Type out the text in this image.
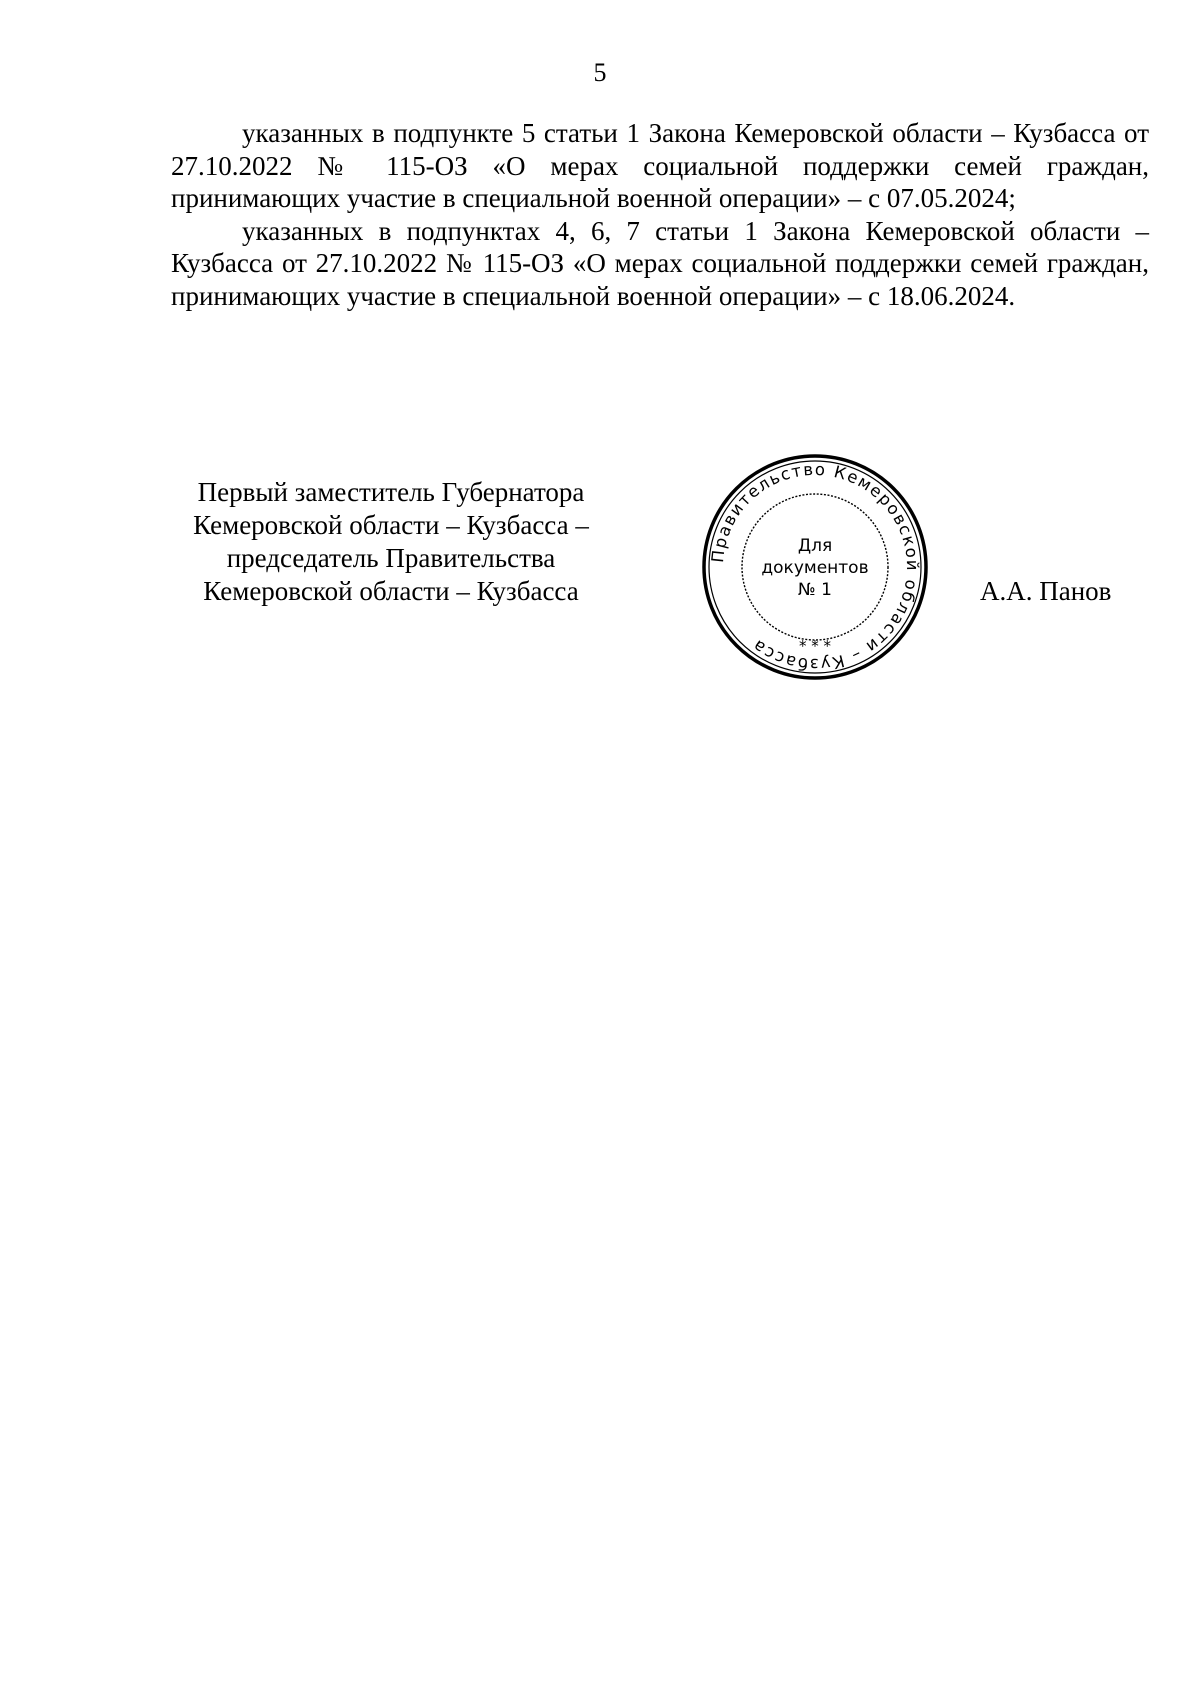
5

указанных в подпункте 5 статьи 1 Закона Кемеровской области – Кузбасса от 27.10.2022 № 115-ОЗ «О мерах социальной поддержки семей граждан, принимающих участие в специальной военной операции» – с 07.05.2024;

указанных в подпунктах 4, 6, 7 статьи 1 Закона Кемеровской области – Кузбасса от 27.10.2022 № 115-ОЗ «О мерах социальной поддержки семей граждан, принимающих участие в специальной военной операции» – с 18.06.2024.

Первый заместитель Губернатора
Кемеровской области – Кузбасса –
председатель Правительства
Кемеровской области – Кузбасса
Правительство Кемеровской области – Кузбасса	* * *
Для
документов
№ 1	А.А. Панов
